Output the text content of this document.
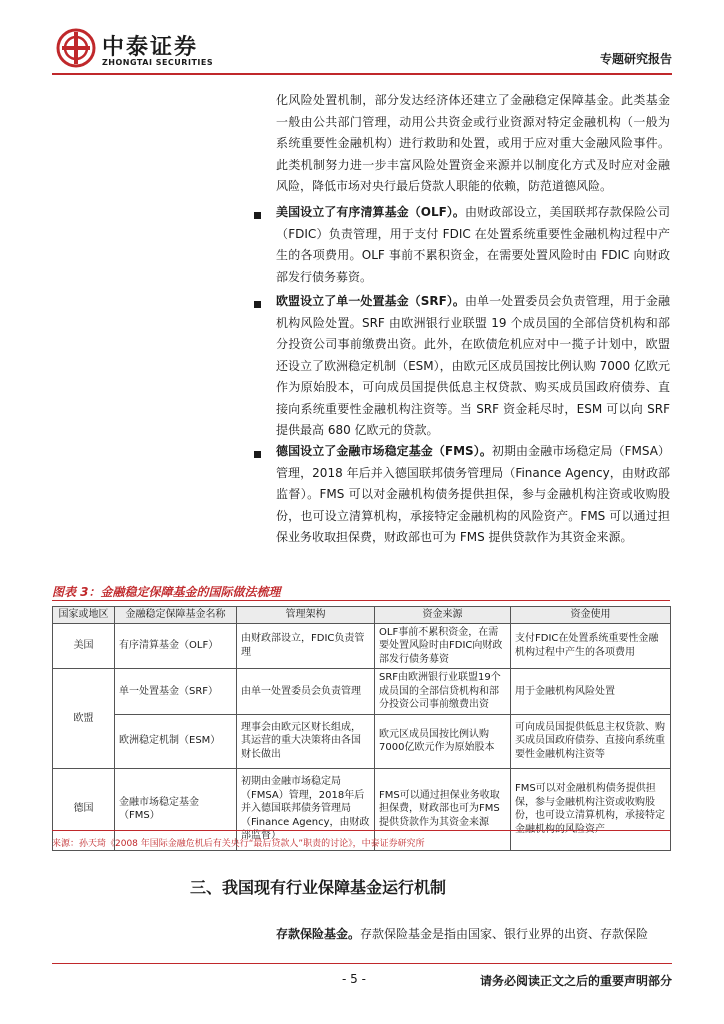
中泰证券
ZHONGTAI SECURITIES	专题研究报告
化风险处置机制，部分发达经济体还建立了金融稳定保障基金。此类基金一般由公共部门管理，动用公共资金或行业资源对特定金融机构（一般为系统重要性金融机构）进行救助和处置，或用于应对重大金融风险事件。此类机制努力进一步丰富风险处置资金来源并以制度化方式及时应对金融风险，降低市场对央行最后贷款人职能的依赖，防范道德风险。
美国设立了有序清算基金（OLF）。由财政部设立，美国联邦存款保险公司（FDIC）负责管理，用于支付 FDIC 在处置系统重要性金融机构过程中产生的各项费用。OLF 事前不累积资金，在需要处置风险时由 FDIC 向财政部发行债务募资。
欧盟设立了单一处置基金（SRF）。由单一处置委员会负责管理，用于金融机构风险处置。SRF 由欧洲银行业联盟 19 个成员国的全部信贷机构和部分投资公司事前缴费出资。此外，在欧债危机应对中一揽子计划中，欧盟还设立了欧洲稳定机制（ESM），由欧元区成员国按比例认购 7000 亿欧元作为原始股本，可向成员国提供低息主权贷款、购买成员国政府债券、直接向系统重要性金融机构注资等。当 SRF 资金耗尽时，ESM 可以向 SRF 提供最高 680 亿欧元的贷款。
德国设立了金融市场稳定基金（FMS）。初期由金融市场稳定局（FMSA）管理，2018 年后并入德国联邦债务管理局（Finance Agency，由财政部监督）。FMS 可以对金融机构债务提供担保，参与金融机构注资或收购股份，也可设立清算机构，承接特定金融机构的风险资产。FMS 可以通过担保业务收取担保费，财政部也可为 FMS 提供贷款作为其资金来源。
图表 3：金融稳定保障基金的国际做法梳理
国家或地区	金融稳定保障基金名称	管理架构	资金来源	资金使用
美国	有序清算基金（OLF）	由财政部设立，FDIC负责管理	OLF事前不累积资金，在需要处置风险时由FDIC向财政部发行债务募资	支付FDIC在处置系统重要性金融机构过程中产生的各项费用
欧盟	单一处置基金（SRF）	由单一处置委员会负责管理	SRF由欧洲银行业联盟19个成员国的全部信贷机构和部分投资公司事前缴费出资	用于金融机构风险处置
	欧洲稳定机制（ESM）	理事会由欧元区财长组成，其运营的重大决策将由各国财长做出	欧元区成员国按比例认购7000亿欧元作为原始股本	可向成员国提供低息主权贷款、购买成员国政府债券、直接向系统重要性金融机构注资等
德国	金融市场稳定基金（FMS）	初期由金融市场稳定局（FMSA）管理，2018年后并入德国联邦债务管理局（Finance Agency，由财政部监督）	FMS可以通过担保业务收取担保费，财政部也可为FMS提供贷款作为其资金来源	FMS可以对金融机构债务提供担保，参与金融机构注资或收购股份，也可设立清算机构，承接特定金融机构的风险资产
来源：孙天琦《2008 年国际金融危机后有关央行“最后贷款人”职责的讨论》，中泰证券研究所
三、我国现有行业保障基金运行机制
存款保险基金。存款保险基金是指由国家、银行业界的出资、存款保险
- 5 -	请务必阅读正文之后的重要声明部分
